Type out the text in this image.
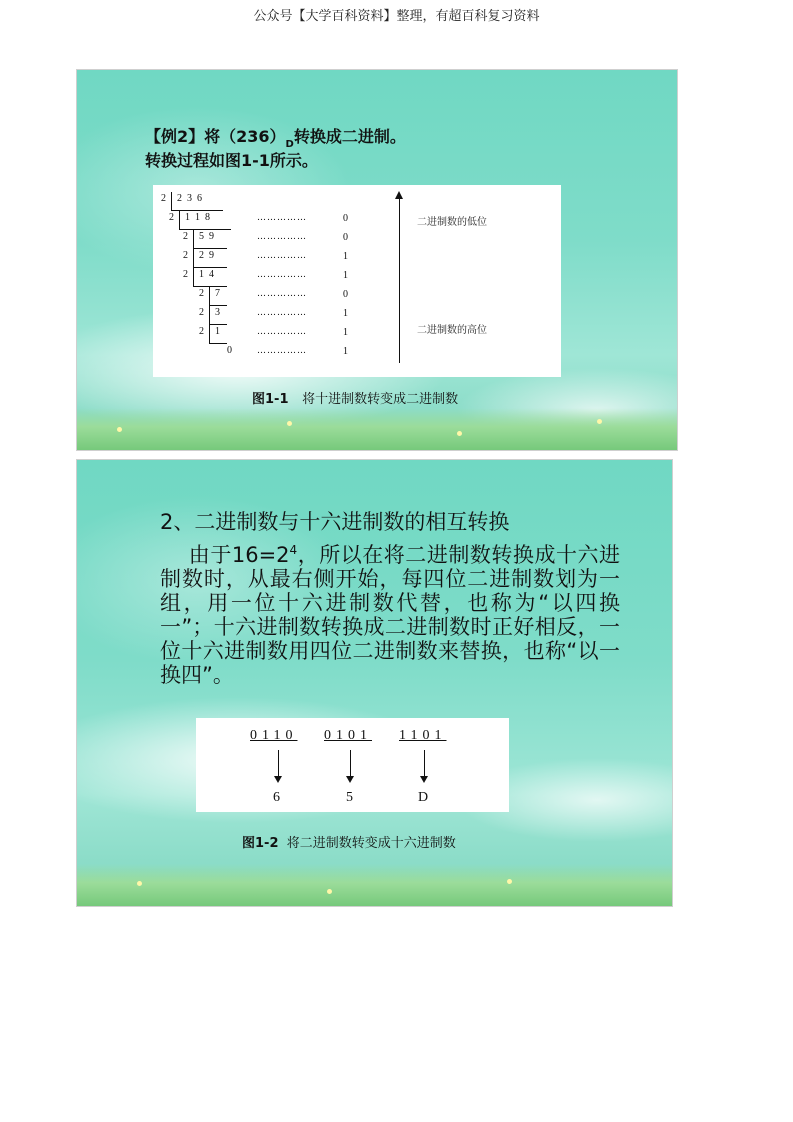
公众号【大学百科资料】整理，有超百科复习资料
【例2】将$(236)_D$转换成二进制。
转换过程如图1-1所示。
2 2  3  6
2 1  1  8	……………	0
2 5  9	……………	0
2 2  9	……………	1
2 1  4	……………	1
2 7	……………	0
2 3	……………	1
2 1	……………	1
0	……………	1
二进制数的低位
二进制数的高位
图1-1 将十进制数转变成二进制数
2、二进制数与十六进制数的相互转换
由于$16=2^4$，所以在将二进制数转换成十六进制数时，从最右侧开始，每四位二进制数划为一组，用一位十六进制数代替，也称为“以四换一”；十六进制数转换成二进制数时正好相反，一位十六进制数用四位二进制数来替换，也称“以一换四”。
0110 0101 1101
6	5	D
图1-2 将二进制数转变成十六进制数
